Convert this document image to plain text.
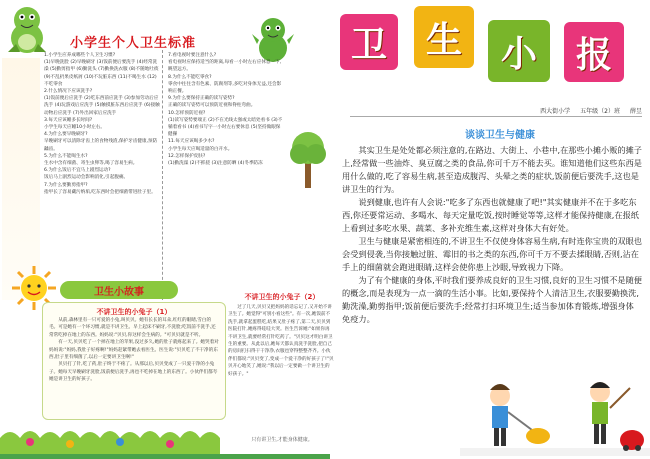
小学生个人卫生标准
1.小学生应养成哪些个人卫生习惯?
(1)早晚洗脸 (2)早晚刷牙 (3)饭前便后要洗手 (4)经常洗澡 (5)勤剪指甲 (6)勤洗头 (7)勤换洗衣服 (8)不随地吐痰 (9)不乱扔果皮纸屑 (10)不玩脏东西 (11)不喝生水 (12)不吃零食
2.什么情况下应该洗手?
(1)饭前便后应洗手 (2)吃东西前应洗手 (3)参加劳动后应洗手 (4)玩游戏后应洗手 (5)触摸脏东西后应洗手 (6)接触动物后应洗手 (7)外出回家后应洗手
3.每天应该睡多长时间?
小学生每天应睡10小时左右。
4.为什么要早晚刷牙?
早晚刷牙可以清除牙齿上的食物残渣,保护牙齿健康,预防龋齿。
5.为什么不能喝生水?
生水中含有细菌、寄生虫卵等,喝了容易生病。
6.为什么饭后不宜马上剧烈运动?
饭后马上剧烈运动会影响消化,引起腹痛。
7.为什么要勤剪指甲?
指甲长了容易藏污纳垢,吃东西时会把细菌带进肚子里。
7.看电视时要注意什么?
看电视时应保持适当的距离,每看一小时左右应休息一下,眺望远方。
8.为什么不能吃零食?
零食中往往含有色素、防腐剂等,多吃对身体无益,还会影响正餐。
9.为什么要保持正确的读写姿势?
正确的读写姿势可以预防近视和脊柱弯曲。
10.怎样预防近视?
(1)读写姿势要端正 (2)不在光线太强或太暗处看书 (3)不躺着看书 (4)看书写字一小时左右要休息 (5)坚持做眼保健操
11.每天应该喝多少水?
小学生每天应喝适量的白开水。
12.怎样保护皮肤?
(1)勤洗澡 (2)不抓挠 (3)注意防晒 (4)冬季防冻
卫生小故事
不讲卫生的小兔子（1）
　　从前,森林里有一只可爱的小兔,叫贝贝。她有长长的耳朵,红红的眼睛,雪白的毛。可是她有一个坏习惯,就是不讲卫生。早上起床不刷牙,不洗脸;吃饭前不洗手,还常常吃掉在地上的东西。妈妈说:"贝贝,你这样会生病的。"可贝贝就是不听。
　　有一天,贝贝吃了一个掉在地上的苹果,没过多久,她的肚子就疼起来了。她哭着对妈妈说:"妈妈,我肚子好疼啊!"妈妈赶紧带她去看医生。医生说:"贝贝吃了不干净的东西,肚子里有细菌了,以后一定要讲卫生啊!"
　　贝贝打了针,吃了药,肚子终于不疼了。从那以后,贝贝变成了一只爱干净的小兔子。她每天早晚刷牙洗脸,饭前便后洗手,再也不吃掉在地上的东西了。小伙伴们都夸她是讲卫生的好孩子。
不讲卫生的小兔子（2）
　　过了几天,贝贝又把妈妈的话忘记了,又开始不讲卫生了。她觉得"可别小看这些"。有一次,她饭前不洗手,就拿起蛋糕吃,结果又肚子疼了,第二天,贝贝到医院打针,她疼得哇哇大哭。医生告诉她:"如果你再不讲卫生,就要经常打针吃药了。"贝贝这才明白讲卫生的重要。从此以后,她每天都认真洗手洗脸,把自己的房间打扫得干干净净,衣服也穿得整整齐齐。小伙伴们都说:"贝贝变了,变成一个爱干净的好孩子了!"贝贝开心地笑了,她说:"我以后一定要做一个讲卫生的好孩子。"
只有讲卫生,才能身体健康。
卫	生	小	报
西大街小学 五年级（2）班 薛昱
谈谈卫生与健康

　　其实卫生是处处都必须注意的,在路边、大街上、小巷中,在那些小摊小贩的摊子上,经常做一些油炸、臭豆腐之类的食品,你可千万不能去买。谁知道他们这些东西是用什么做的,吃了容易生病,甚至造成腹泻、头晕之类的症状,饭前便后要洗手,这也是讲卫生的行为。

　　说到健康,也许有人会说:"吃多了东西也就健康了吧!"其实健康并不在于多吃东西,你还要常运动、多喝水、每天定量吃饭,按时睡觉等等,这样才能保持健康,在报纸上看到过多吃水果、蔬菜、多补充维生素,这样对身体大有好处。

　　卫生与健康是紧密相连的,不讲卫生不仅使身体容易生病,有时连你宝贵的双眼也会受到侵袭,当你接触过脏、霉旧的书之类的东西,你可千万不要去揉眼睛,否则,沾在手上的细菌就会跑进眼睛,这样会使你患上沙眼,导致视力下降。

　　为了有个健康的身体,平时我们要养成良好的卫生习惯,良好的卫生习惯不是随便的概念,而是表现为一点一滴的生活小事。比如,要保持个人清洁卫生,衣服要勤换洗,勤洗澡,勤剪指甲;饭前便后要洗手;经常打扫环境卫生;适当参加体育锻炼,增强身体免疫力。
